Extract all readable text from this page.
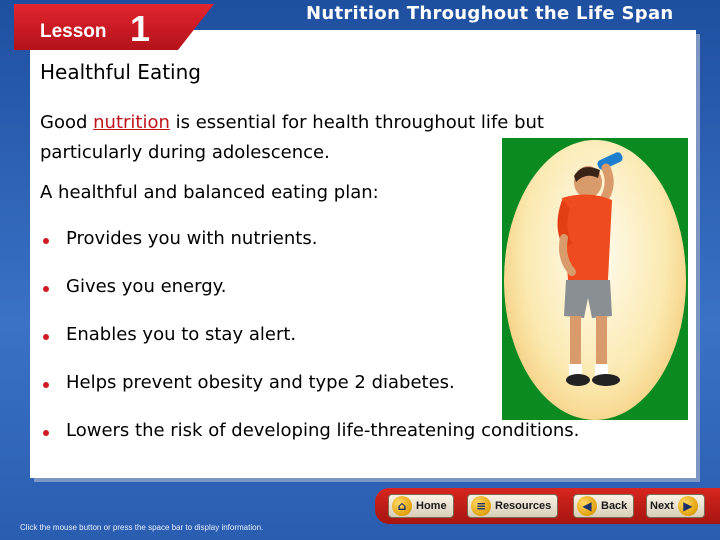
Lesson 1	Nutrition Throughout the Life Span
Healthful Eating
Good nutrition is essential for health throughout life but particularly during adolescence.
A healthful and balanced eating plan:
Provides you with nutrients.
Gives you energy.
Enables you to stay alert.
Helps prevent obesity and type 2 diabetes.
Lowers the risk of developing life-threatening conditions.
Click the mouse button or press the space bar to display information.
⌂ Home	≡ Resources	◀ Back Next ▶
